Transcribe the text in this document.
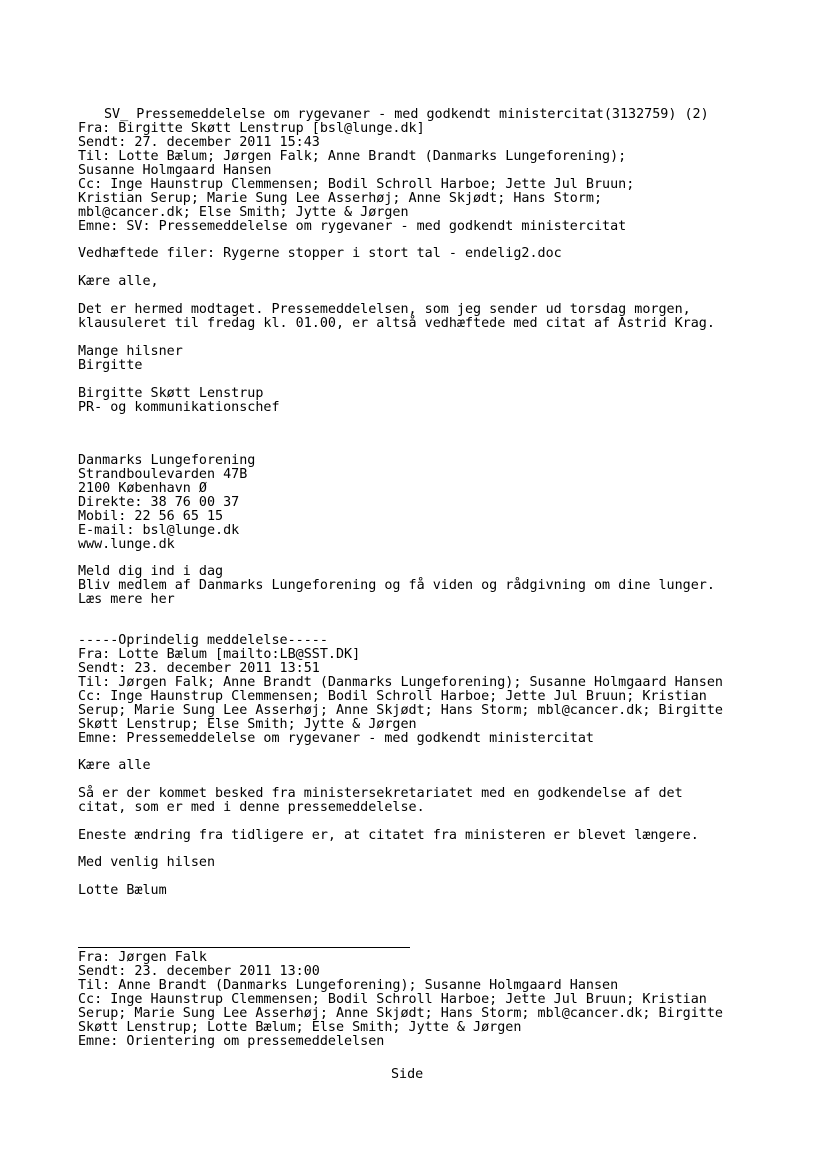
SV_ Pressemeddelelse om rygevaner - med godkendt ministercitat(3132759) (2)
Fra: Birgitte Skøtt Lenstrup [bsl@lunge.dk]
Sendt: 27. december 2011 15:43
Til: Lotte Bælum; Jørgen Falk; Anne Brandt (Danmarks Lungeforening);
Susanne Holmgaard Hansen
Cc: Inge Haunstrup Clemmensen; Bodil Schroll Harboe; Jette Jul Bruun;
Kristian Serup; Marie Sung Lee Asserhøj; Anne Skjødt; Hans Storm;
mbl@cancer.dk; Else Smith; Jytte & Jørgen
Emne: SV: Pressemeddelelse om rygevaner - med godkendt ministercitat
Vedhæftede filer: Rygerne stopper i stort tal - endelig2.doc
Kære alle,
Det er hermed modtaget. Pressemeddelelsen, som jeg sender ud torsdag morgen,
klausuleret til fredag kl. 01.00, er altså vedhæftede med citat af Astrid Krag.
Mange hilsner
Birgitte
Birgitte Skøtt Lenstrup
PR- og kommunikationschef
Danmarks Lungeforening
Strandboulevarden 47B
2100 København Ø
Direkte: 38 76 00 37
Mobil: 22 56 65 15
E-mail: bsl@lunge.dk
www.lunge.dk
Meld dig ind i dag
Bliv medlem af Danmarks Lungeforening og få viden og rådgivning om dine lunger.
Læs mere her
-----Oprindelig meddelelse-----
Fra: Lotte Bælum [mailto:LB@SST.DK]
Sendt: 23. december 2011 13:51
Til: Jørgen Falk; Anne Brandt (Danmarks Lungeforening); Susanne Holmgaard Hansen
Cc: Inge Haunstrup Clemmensen; Bodil Schroll Harboe; Jette Jul Bruun; Kristian
Serup; Marie Sung Lee Asserhøj; Anne Skjødt; Hans Storm; mbl@cancer.dk; Birgitte
Skøtt Lenstrup; Else Smith; Jytte & Jørgen
Emne: Pressemeddelelse om rygevaner - med godkendt ministercitat
Kære alle
Så er der kommet besked fra ministersekretariatet med en godkendelse af det
citat, som er med i denne pressemeddelelse.
Eneste ændring fra tidligere er, at citatet fra ministeren er blevet længere.
Med venlig hilsen
Lotte Bælum
Fra: Jørgen Falk
Sendt: 23. december 2011 13:00
Til: Anne Brandt (Danmarks Lungeforening); Susanne Holmgaard Hansen
Cc: Inge Haunstrup Clemmensen; Bodil Schroll Harboe; Jette Jul Bruun; Kristian
Serup; Marie Sung Lee Asserhøj; Anne Skjødt; Hans Storm; mbl@cancer.dk; Birgitte
Skøtt Lenstrup; Lotte Bælum; Else Smith; Jytte & Jørgen
Emne: Orientering om pressemeddelelsen
Side
